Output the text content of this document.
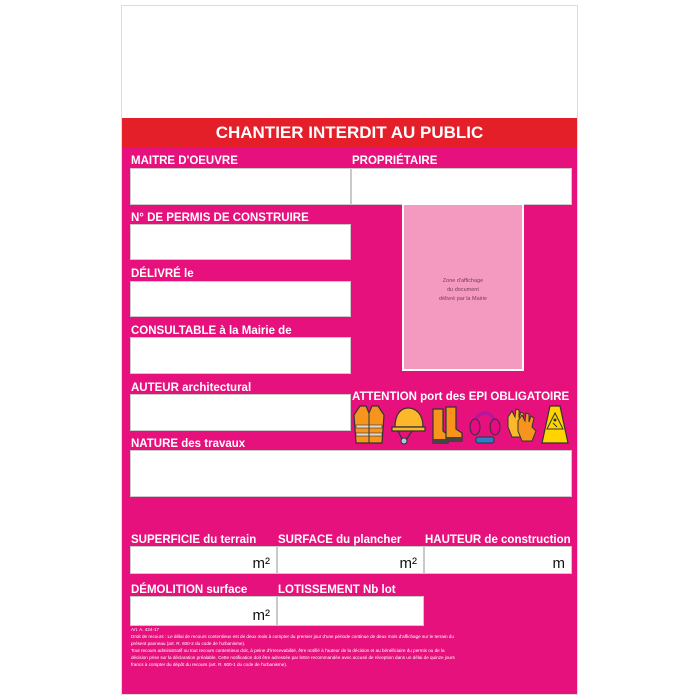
CHANTIER INTERDIT AU PUBLIC
MAITRE D'OEUVRE	PROPRIÉTAIRE
N° DE PERMIS DE CONSTRUIRE
DÉLIVRÉ le
CONSULTABLE à la Mairie de
Zone d'affichage
du document
délivré par la Mairie
AUTEUR architectural
ATTENTION port des EPI OBLIGATOIRE
NATURE des travaux
SUPERFICIE du terrain
m²
SURFACE du plancher
m²
HAUTEUR de construction
m
DÉMOLITION surface
m²
LOTISSEMENT Nb lot
Art. A. 424-17
Droit de recours : Le délai de recours contentieux est de deux mois à compter du premier jour d'une période continue de deux mois d'affichage sur le terrain du
présent panneau (art. R. 600-2 du code de l'urbanisme).
Tout recours administratif ou tout recours contentieux doit, à peine d'irrecevabilité, être notifié à l'auteur de la décision et au bénéficiaire du permis ou de la
décision prise sur la déclaration préalable. Cette notification doit être adressée par lettre recommandée avec accusé de réception dans un délai de quinze jours
francs à compter du dépôt du recours (art. R. 600-1 du code de l'urbanisme).
